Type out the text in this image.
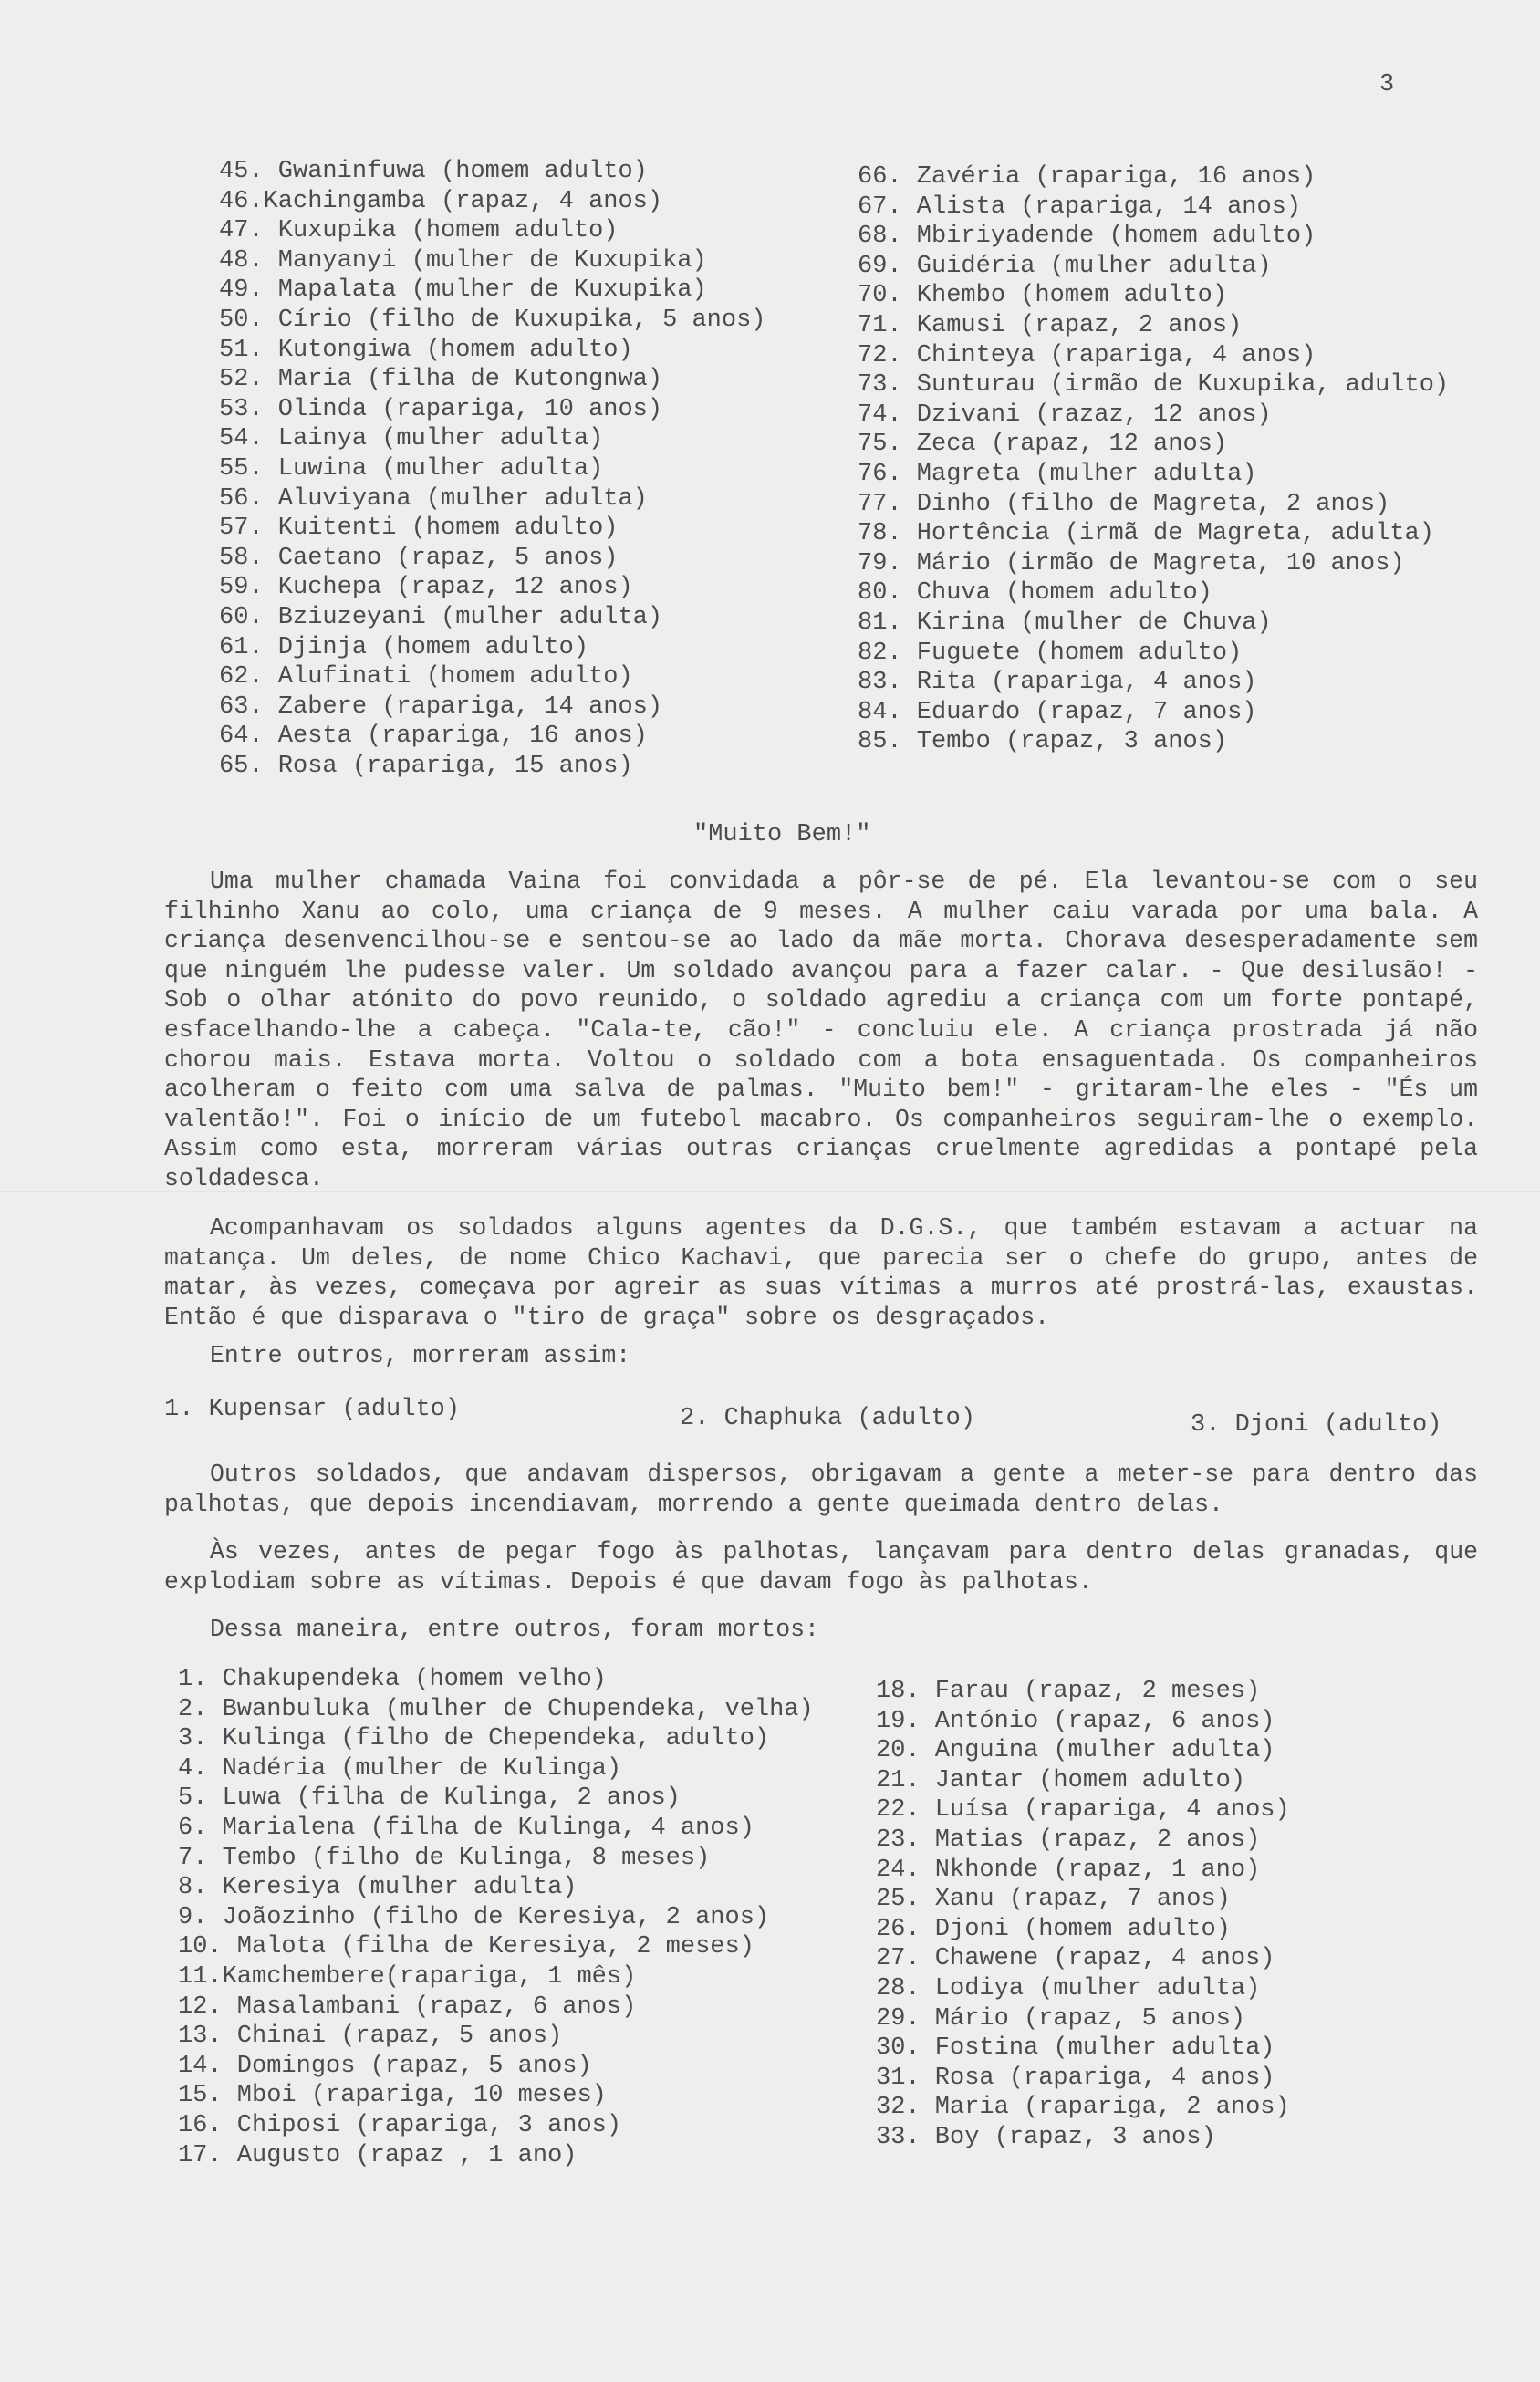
3
45. Gwaninfuwa (homem adulto)
46.Kachingamba (rapaz, 4 anos)
47. Kuxupika (homem adulto)
48. Manyanyi (mulher de Kuxupika)
49. Mapalata (mulher de Kuxupika)
50. Círio (filho de Kuxupika, 5 anos)
51. Kutongiwa (homem adulto)
52. Maria (filha de Kutongnwa)
53. Olinda (rapariga, 10 anos)
54. Lainya (mulher adulta)
55. Luwina (mulher adulta)
56. Aluviyana (mulher adulta)
57. Kuitenti (homem adulto)
58. Caetano (rapaz, 5 anos)
59. Kuchepa (rapaz, 12 anos)
60. Bziuzeyani (mulher adulta)
61. Djinja (homem adulto)
62. Alufinati (homem adulto)
63. Zabere (rapariga, 14 anos)
64. Aesta (rapariga, 16 anos)
65. Rosa (rapariga, 15 anos)
66. Zavéria (rapariga, 16 anos)
67. Alista (rapariga, 14 anos)
68. Mbiriyadende (homem adulto)
69. Guidéria (mulher adulta)
70. Khembo (homem adulto)
71. Kamusi (rapaz, 2 anos)
72. Chinteya (rapariga, 4 anos)
73. Sunturau (irmão de Kuxupika, adulto)
74. Dzivani (razaz, 12 anos)
75. Zeca (rapaz, 12 anos)
76. Magreta (mulher adulta)
77. Dinho (filho de Magreta, 2 anos)
78. Hortência (irmã de Magreta, adulta)
79. Mário (irmão de Magreta, 10 anos)
80. Chuva (homem adulto)
81. Kirina (mulher de Chuva)
82. Fuguete (homem adulto)
83. Rita (rapariga, 4 anos)
84. Eduardo (rapaz, 7 anos)
85. Tembo (rapaz, 3 anos)
"Muito Bem!"

Uma mulher chamada Vaina foi convidada a pôr-se de pé. Ela levantou-se com o seu filhinho Xanu ao colo, uma criança de 9 meses. A mulher caiu varada por uma bala. A criança desenvencilhou-se e sentou-se ao lado da mãe morta. Chorava desesperadamente sem que ninguém lhe pudesse valer. Um soldado avançou para a fazer calar. - Que desilusão! - Sob o olhar atónito do povo reunido, o soldado agrediu a criança com um forte pontapé, esfacelhando-lhe a cabeça. "Cala-te, cão!" - concluiu ele. A criança prostrada já não chorou mais. Estava morta. Voltou o soldado com a bota ensaguentada. Os companheiros acolheram o feito com uma salva de palmas. "Muito bem!" - gritaram-lhe eles - "És um valentão!". Foi o início de um futebol macabro. Os companheiros seguiram-lhe o exemplo. Assim como esta, morreram várias outras crianças cruelmente agredidas a pontapé pela soldadesca.

Acompanhavam os soldados alguns agentes da D.G.S., que também estavam a actuar na matança. Um deles, de nome Chico Kachavi, que parecia ser o chefe do grupo, antes de matar, às vezes, começava por agreir as suas vítimas a murros até prostrá-las, exaustas. Então é que disparava o "tiro de graça" sobre os desgraçados.

Entre outros, morreram assim:

1. Kupensar (adulto)	2. Chaphuka (adulto)	3. Djoni (adulto)

Outros soldados, que andavam dispersos, obrigavam a gente a meter-se para dentro das palhotas, que depois incendiavam, morrendo a gente queimada dentro delas.

Às vezes, antes de pegar fogo às palhotas, lançavam para dentro delas granadas, que explodiam sobre as vítimas. Depois é que davam fogo às palhotas.

Dessa maneira, entre outros, foram mortos:

1. Chakupendeka (homem velho)
2. Bwanbuluka (mulher de Chupendeka, velha)
3. Kulinga (filho de Chependeka, adulto)
4. Nadéria (mulher de Kulinga)
5. Luwa (filha de Kulinga, 2 anos)
6. Marialena (filha de Kulinga, 4 anos)
7. Tembo (filho de Kulinga, 8 meses)
8. Keresiya (mulher adulta)
9. Joãozinho (filho de Keresiya, 2 anos)
10. Malota (filha de Keresiya, 2 meses)
11.Kamchembere(rapariga, 1 mês)
12. Masalambani (rapaz, 6 anos)
13. Chinai (rapaz, 5 anos)
14. Domingos (rapaz, 5 anos)
15. Mboi (rapariga, 10 meses)
16. Chiposi (rapariga, 3 anos)
17. Augusto (rapaz , 1 ano)
18. Farau (rapaz, 2 meses)
19. António (rapaz, 6 anos)
20. Anguina (mulher adulta)
21. Jantar (homem adulto)
22. Luísa (rapariga, 4 anos)
23. Matias (rapaz, 2 anos)
24. Nkhonde (rapaz, 1 ano)
25. Xanu (rapaz, 7 anos)
26. Djoni (homem adulto)
27. Chawene (rapaz, 4 anos)
28. Lodiya (mulher adulta)
29. Mário (rapaz, 5 anos)
30. Fostina (mulher adulta)
31. Rosa (rapariga, 4 anos)
32. Maria (rapariga, 2 anos)
33. Boy (rapaz, 3 anos)
